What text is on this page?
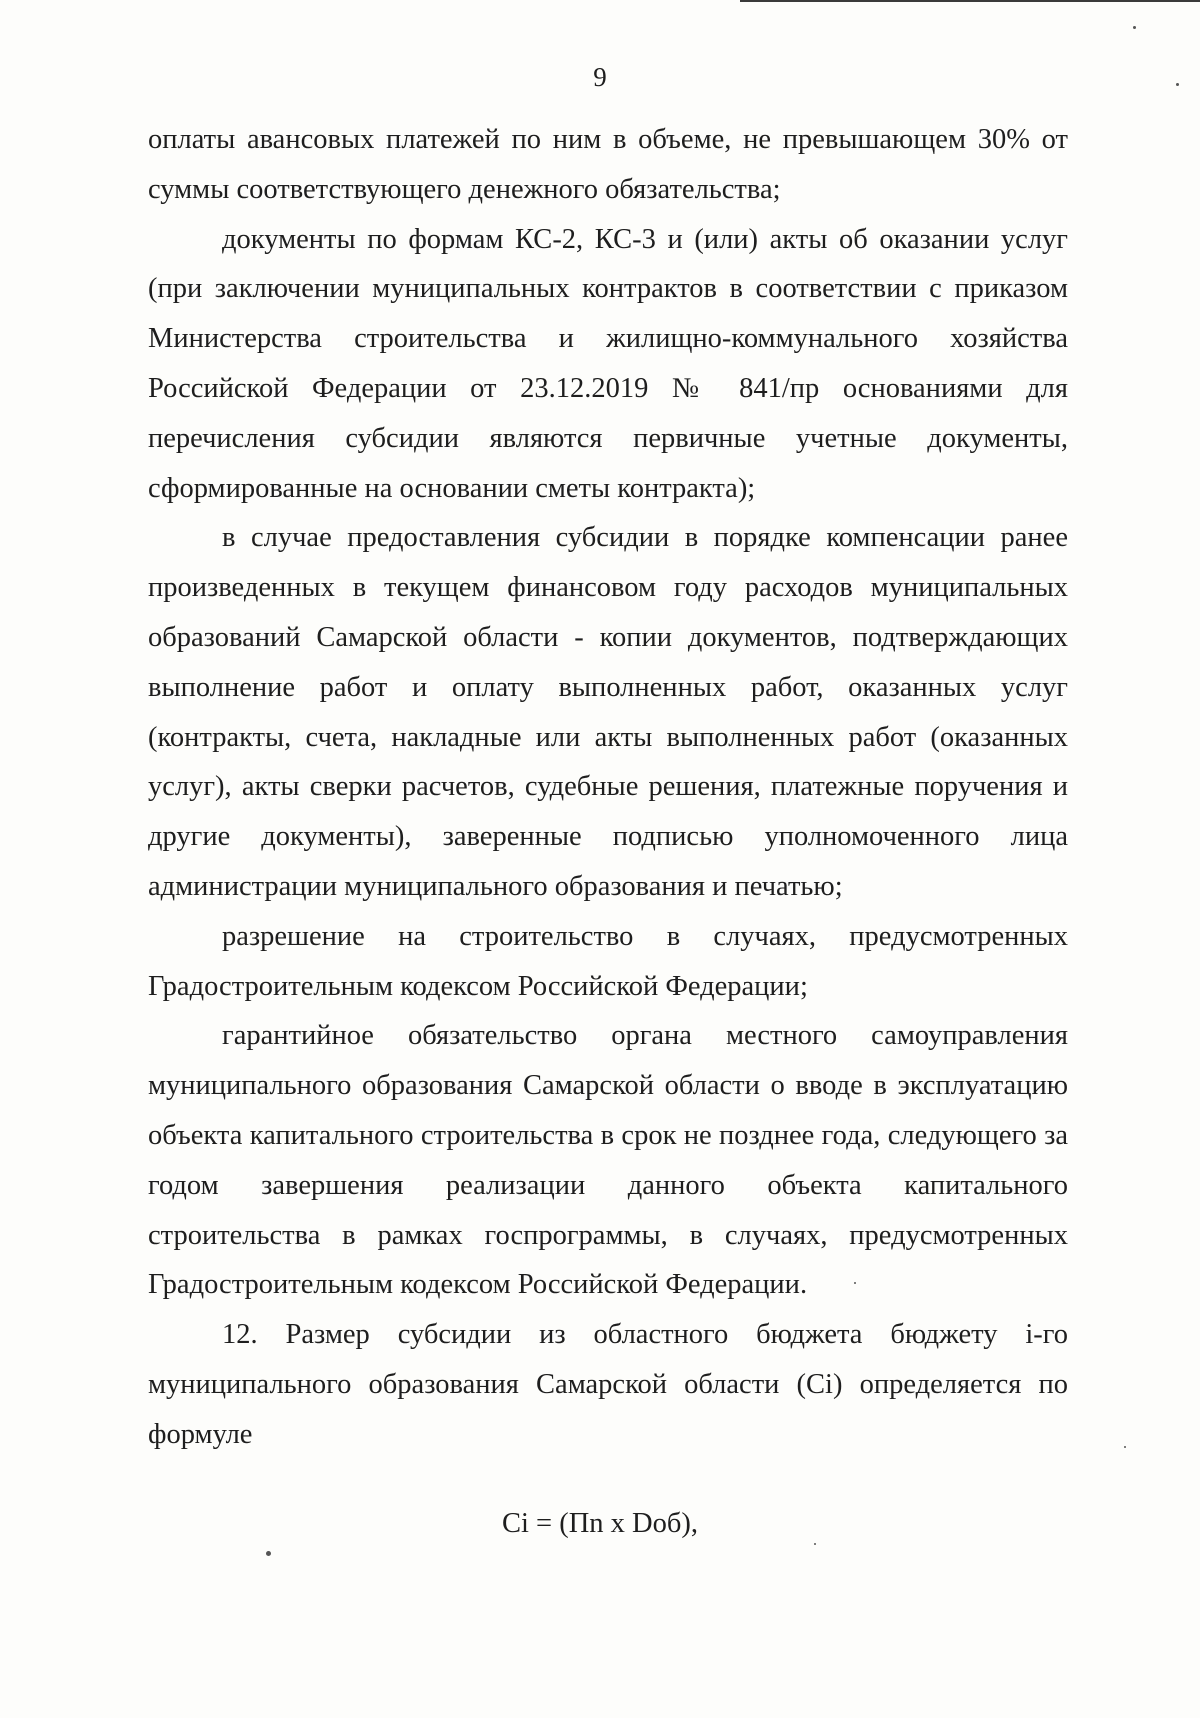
9

оплаты авансовых платежей по ним в объеме, не превышающем 30% от суммы соответствующего денежного обязательства;

документы по формам КС-2, КС-3 и (или) акты об оказании услуг (при заключении муниципальных контрактов в соответствии с приказом Министерства строительства и жилищно-коммунального хозяйства Российской Федерации от 23.12.2019 № 841/пр основаниями для перечисления субсидии являются первичные учетные документы, сформированные на основании сметы контракта);

в случае предоставления субсидии в порядке компенсации ранее произведенных в текущем финансовом году расходов муниципальных образований Самарской области - копии документов, подтверждающих выполнение работ и оплату выполненных работ, оказанных услуг (контракты, счета, накладные или акты выполненных работ (оказанных услуг), акты сверки расчетов, судебные решения, платежные поручения и другие документы), заверенные подписью уполномоченного лица администрации муниципального образования и печатью;

разрешение на строительство в случаях, предусмотренных Градостроительным кодексом Российской Федерации;

гарантийное обязательство органа местного самоуправления муниципального образования Самарской области о вводе в эксплуатацию объекта капитального строительства в срок не позднее года, следующего за годом завершения реализации данного объекта капитального строительства в рамках госпрограммы, в случаях, предусмотренных Градостроительным кодексом Российской Федерации.

12. Размер субсидии из областного бюджета бюджету i-го муниципального образования Самарской области (Ci) определяется по формуле

Ci = (Пn x Dоб),
